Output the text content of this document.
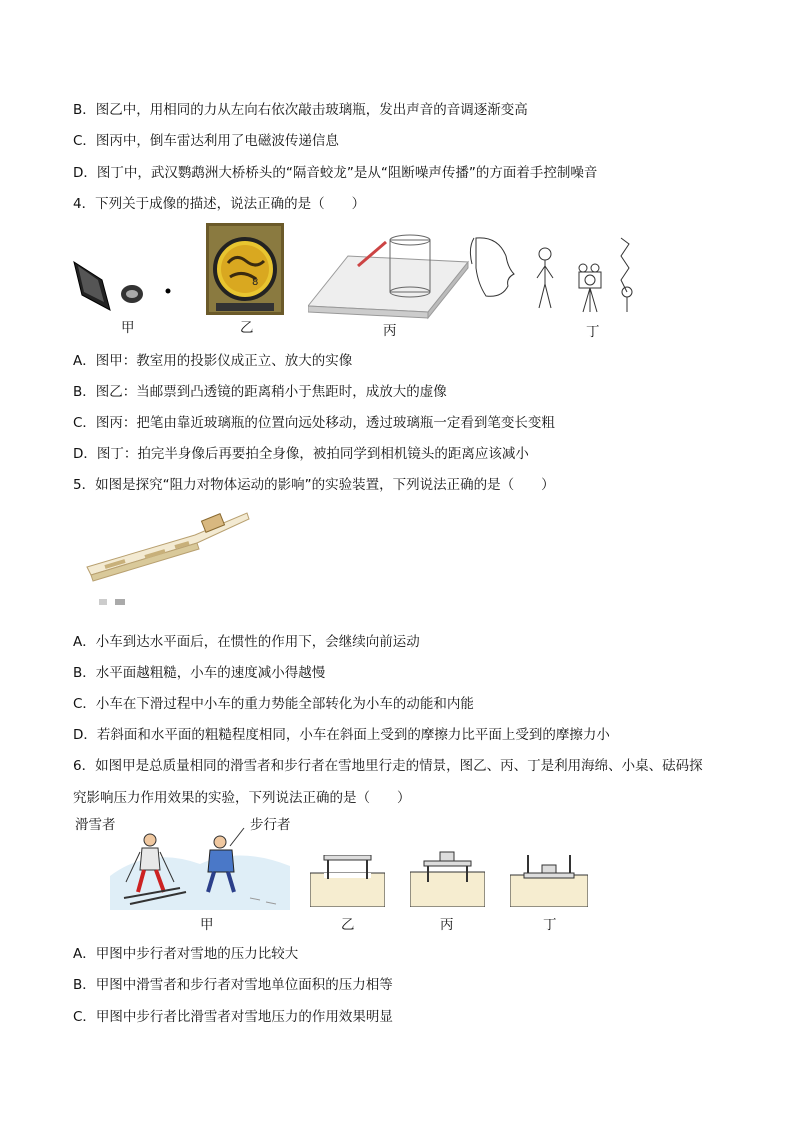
B．图乙中，用相同的力从左向右依次敲击玻璃瓶，发出声音的音调逐渐变高
C．图丙中，倒车雷达利用了电磁波传递信息
D．图丁中，武汉鹦鹉洲大桥桥头的“隔音蛟龙”是从“阻断噪声传播”的方面着手控制噪音
4．下列关于成像的描述，说法正确的是（　　）
甲
8
乙	丙	丁
A．图甲：教室用的投影仪成正立、放大的实像
B．图乙：当邮票到凸透镜的距离稍小于焦距时，成放大的虚像
C．图丙：把笔由靠近玻璃瓶的位置向远处移动，透过玻璃瓶一定看到笔变长变粗
D．图丁：拍完半身像后再要拍全身像，被拍同学到相机镜头的距离应该减小
5．如图是探究“阻力对物体运动的影响”的实验装置，下列说法正确的是（　　）
A．小车到达水平面后，在惯性的作用下，会继续向前运动
B．水平面越粗糙，小车的速度减小得越慢
C．小车在下滑过程中小车的重力势能全部转化为小车的动能和内能
D．若斜面和水平面的粗糙程度相同，小车在斜面上受到的摩擦力比平面上受到的摩擦力小
6．如图甲是总质量相同的滑雪者和步行者在雪地里行走的情景，图乙、丙、丁是利用海绵、小桌、砝码探
究影响压力作用效果的实验，下列说法正确的是（　　）
滑雪者	步行者
甲	乙	丙	丁
A．甲图中步行者对雪地的压力比较大
B．甲图中滑雪者和步行者对雪地单位面积的压力相等
C．甲图中步行者比滑雪者对雪地压力的作用效果明显
